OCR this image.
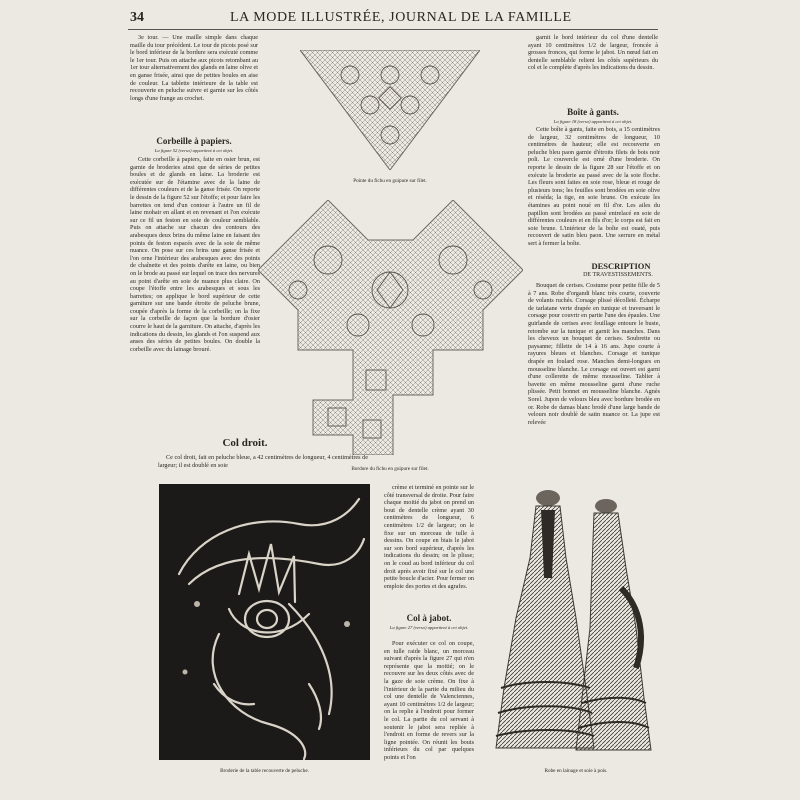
34	LA MODE ILLUSTRÉE, JOURNAL DE LA FAMILLE

3e tour. — Une maille simple dans chaque maille du tour précédent. Le tour de picots posé sur le bord inférieur de la bordure sera exécuté comme le 1er tour. Puis on attache aux picots retombant au 1er tour alternativement des glands en laine olive et en ganse frisée, ainsi que de petites boules en aise de couleur. La tablette intérieure de la table est recouverte en peluche suivre et garnie sur les côtés longs d'une frange au crochet.

Corbeille à papiers.
La figure 52 (verso) appartient à cet objet.

Cette corbeille à papiers, faite en osier brun, est garnie de broderies ainsi que de séries de petites boules et de glands en laine. La broderie est exécutée sur de l'étamine avec de la laine de différentes couleurs et de la ganse frisée. On reporte le dessin de la figure 52 sur l'étoffe; et pour faire les barrettes on tend d'un contour à l'autre un fil de laine mohair en allant et en revenant et l'on exécute sur ce fil un feston en soie de couleur semblable. Puis on attache sur chacun des contours des arabesques deux brins du même laine en faisant des points de feston espacés avec de la soie de même nuance. On pose sur ces brins une ganse frisée et l'on orne l'intérieur des arabesques avec des points de chaînette et des points d'arête en laine, ou bien on le brode au passé sur lequel on trace des nervures au point d'arête en soie de nuance plus claire. On coupe l'étoffe entre les arabesques et sous les barrettes; on applique le bord supérieur de cette garniture sur une bande étroite de peluche brune, coupée d'après la forme de la corbeille; on la fixe sur la corbeille de façon que la bordure d'osier courre le haut de la garniture. On attache, d'après les indications du dessin, les glands et l'on suspend aux anses des séries de petites boules. On double la corbeille avec du lainage brouré.

Col droit.

Ce col droit, fait en peluche bleue, a 42 centimètres de longueur, 4 centimètres de largeur; il est doublé en soie

Pointe du fichu en guipure sur filet.
Bordure du fichu en guipure sur filet.
Broderie de la table recouverte de peluche.

crème et terminé en pointe sur le côté transversal de droite. Pour faire chaque moitié du jabot on prend un bout de dentelle crème ayant 30 centimètres de longueur, 6 centimètres 1/2 de largeur; on le fixe sur un morceau de tulle à dessins. On coupe en biais le jabot sur son bord supérieur, d'après les indications du dessin; on le plisse; on le coud au bord inférieur du col droit après avoir fixé sur le col une petite boucle d'acier. Pour fermer on emploie des portes et des agrafes.

Col à jabot.
La figure 27 (verso) appartient à cet objet.

Pour exécuter ce col on coupe, en tulle raide blanc, un morceau suivant d'après la figure 27 qui n'en représente que la moitié; on le recouvre sur les deux côtés avec de la gaze de soie crème. On fixe à l'intérieur de la partie du milieu du col une dentelle de Valenciennes, ayant 10 centimètres 1/2 de largeur; on la replie à l'endroit pour former le col. La partie du col servant à soutenir le jabot sera repliée à l'endroit en forme de revers sur la ligne pointée. On réunit les bouts inférieurs du col par quelques points et l'on

garnit le bord intérieur du col d'une dentelle ayant 10 centimètres 1/2 de largeur, froncée à grosses fronces, qui forme le jabot. Un nœud fait en dentelle semblable relient les côtés supérieurs du col et le complète d'après les indications du dessin.

Boîte à gants.
La figure 18 (verso) appartient à cet objet.

Cette boîte à gants, faite en bois, a 15 centimètres de largeur, 32 centimètres de longueur, 10 centimètres de hauteur; elle est recouverte en peluche bleu paon garnie d'étroits filets de bois noir poli. Le couvercle est orné d'une broderie. On reporte le dessin de la figure 28 sur l'étoffe et on exécute la broderie au passé avec de la soie floche. Les fleurs sont faites en soie rose, bleue et rouge de plusieurs tons; les feuilles sont brodées en soie olive et réséda; la tige, en soie brune. On exécute les étamines au point noué en fil d'or. Les ailes du papillon sont brodées au passé entrelacé en soie de différentes couleurs et en fils d'or; le corps est fait en soie brune. L'intérieur de la boîte est ouaté, puis recouvert de satin bleu paon. Une serrure en métal sert à fermer la boîte.

DESCRIPTION
DE TRAVESTISSEMENTS.

Bouquet de cerises. Costume pour petite fille de 5 à 7 ans. Robe d'organdi blanc très courte, couverte de volants ruchés. Corsage plissé décolleté. Écharpe de tarlatane verte drapée en tunique et traversant le corsage pour couvrir en partie l'une des épaules. Une guirlande de cerises avec feuillage entoure le buste, retombe sur la tunique et garnit les manches. Dans les cheveux un bouquet de cerises. Soubrette ou paysanne; fillette de 14 à 16 ans. Jupe courte à rayures bleues et blanches. Corsage et tunique drapée en foulard rose. Manches demi-longues en mousseline blanche. Le corsage est ouvert est garni d'une collerette de même mousseline. Tablier à bavette en même mousseline garni d'une ruche plissée. Petit bonnet en mousseline blanche. Agnès Sorel. Jupon de velours bleu avec bordure brodée en or. Robe de damas blanc brodé d'une large bande de velours noir doublé de satin nuance or. La jupe est relevée

Robe en lainage et soie à pois.
